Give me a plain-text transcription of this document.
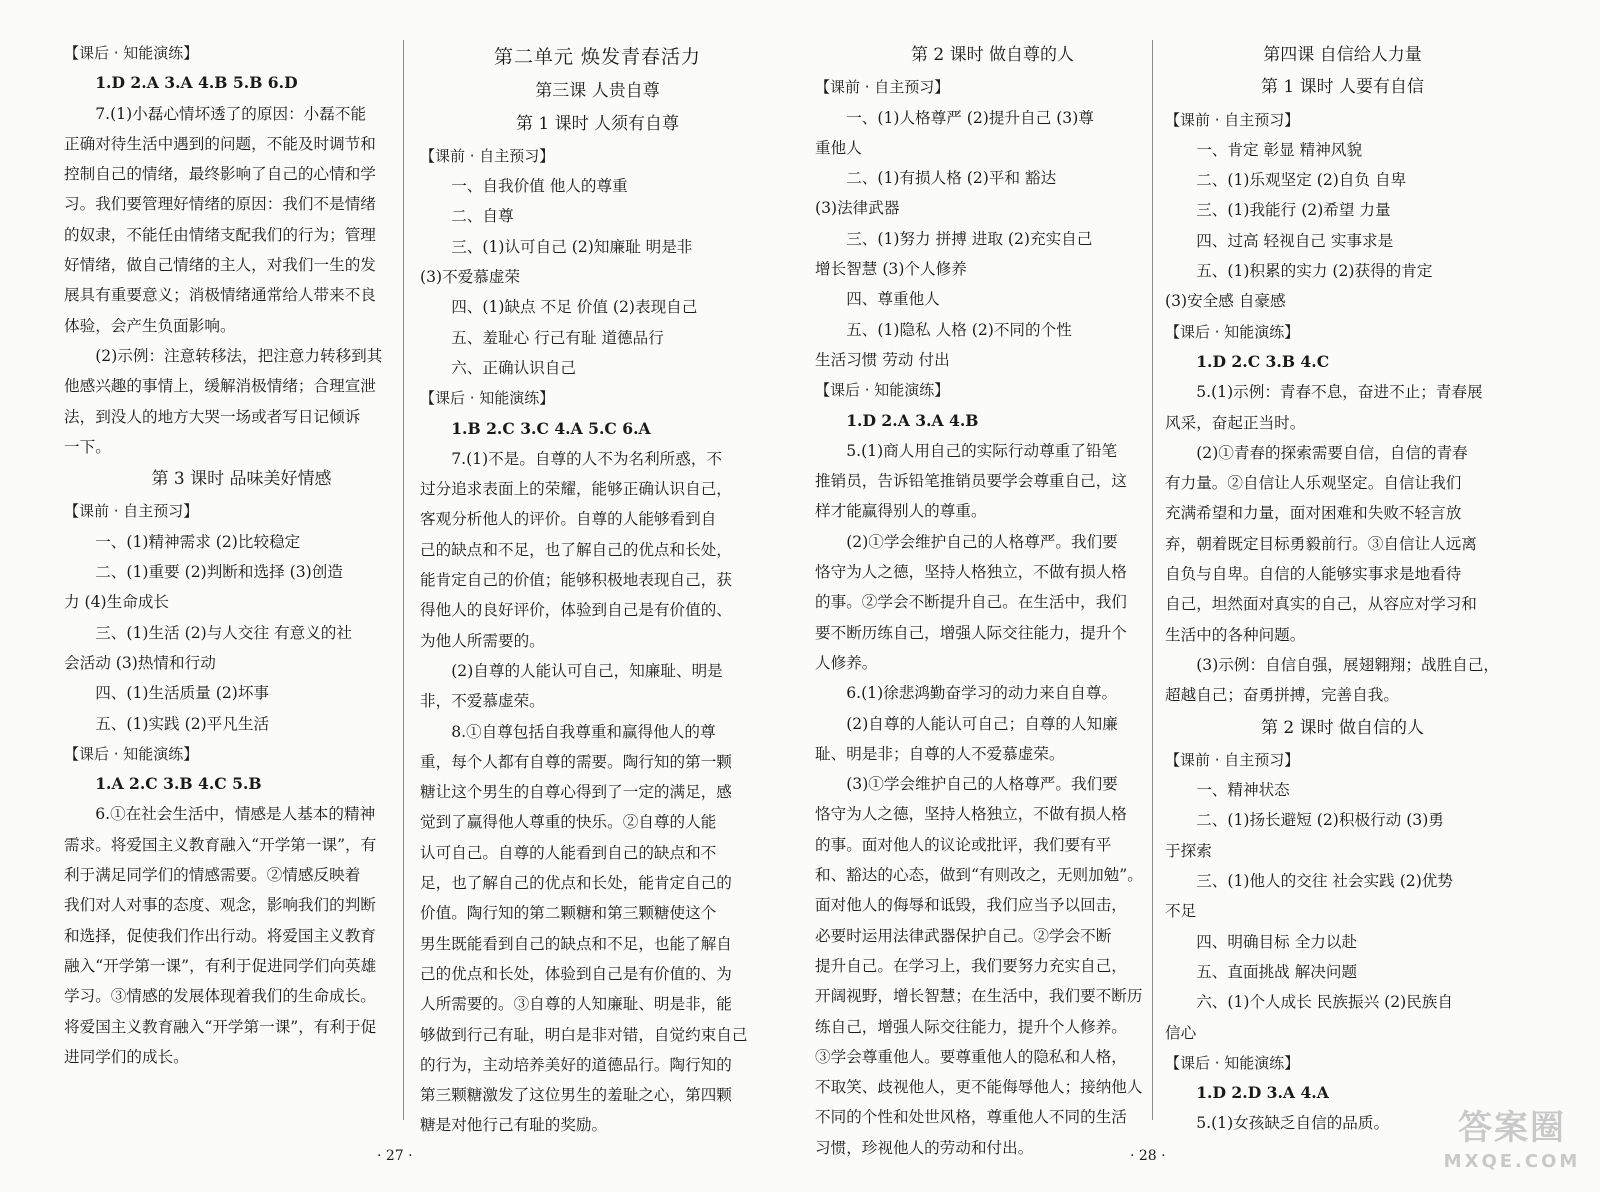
【课后 · 知能演练】
1.D 2.A 3.A 4.B 5.B 6.D
7.(1)小磊心情坏透了的原因：小磊不能
正确对待生活中遇到的问题，不能及时调节和
控制自己的情绪，最终影响了自己的心情和学
习。我们要管理好情绪的原因：我们不是情绪
的奴隶，不能任由情绪支配我们的行为；管理
好情绪，做自己情绪的主人，对我们一生的发
展具有重要意义；消极情绪通常给人带来不良
体验，会产生负面影响。
(2)示例：注意转移法，把注意力转移到其
他感兴趣的事情上，缓解消极情绪；合理宣泄
法，到没人的地方大哭一场或者写日记倾诉
一下。
第 3 课时 品味美好情感
【课前 · 自主预习】
一、(1)精神需求 (2)比较稳定
二、(1)重要 (2)判断和选择 (3)创造
力 (4)生命成长
三、(1)生活 (2)与人交往 有意义的社
会活动 (3)热情和行动
四、(1)生活质量 (2)坏事
五、(1)实践 (2)平凡生活
【课后 · 知能演练】
1.A 2.C 3.B 4.C 5.B
6.①在社会生活中，情感是人基本的精神
需求。将爱国主义教育融入“开学第一课”，有
利于满足同学们的情感需要。②情感反映着
我们对人对事的态度、观念，影响我们的判断
和选择，促使我们作出行动。将爱国主义教育
融入“开学第一课”，有利于促进同学们向英雄
学习。③情感的发展体现着我们的生命成长。
将爱国主义教育融入“开学第一课”，有利于促
进同学们的成长。
第二单元 焕发青春活力
第三课 人贵自尊
第 1 课时 人须有自尊
【课前 · 自主预习】
一、自我价值 他人的尊重
二、自尊
三、(1)认可自己 (2)知廉耻 明是非
(3)不爱慕虚荣
四、(1)缺点 不足 价值 (2)表现自己
五、羞耻心 行己有耻 道德品行
六、正确认识自己
【课后 · 知能演练】
1.B 2.C 3.C 4.A 5.C 6.A
7.(1)不是。自尊的人不为名利所惑，不
过分追求表面上的荣耀，能够正确认识自己，
客观分析他人的评价。自尊的人能够看到自
己的缺点和不足，也了解自己的优点和长处，
能肯定自己的价值；能够积极地表现自己，获
得他人的良好评价，体验到自己是有价值的、
为他人所需要的。
(2)自尊的人能认可自己，知廉耻、明是
非，不爱慕虚荣。
8.①自尊包括自我尊重和赢得他人的尊
重，每个人都有自尊的需要。陶行知的第一颗
糖让这个男生的自尊心得到了一定的满足，感
觉到了赢得他人尊重的快乐。②自尊的人能
认可自己。自尊的人能看到自己的缺点和不
足，也了解自己的优点和长处，能肯定自己的
价值。陶行知的第二颗糖和第三颗糖使这个
男生既能看到自己的缺点和不足，也能了解自
己的优点和长处，体验到自己是有价值的、为
人所需要的。③自尊的人知廉耻、明是非，能
够做到行己有耻，明白是非对错，自觉约束自己
的行为，主动培养美好的道德品行。陶行知的
第三颗糖激发了这位男生的羞耻之心，第四颗
糖是对他行己有耻的奖励。
第 2 课时 做自尊的人
【课前 · 自主预习】
一、(1)人格尊严 (2)提升自己 (3)尊
重他人
二、(1)有损人格 (2)平和 豁达
(3)法律武器
三、(1)努力 拼搏 进取 (2)充实自己
增长智慧 (3)个人修养
四、尊重他人
五、(1)隐私 人格 (2)不同的个性
生活习惯 劳动 付出
【课后 · 知能演练】
1.D 2.A 3.A 4.B
5.(1)商人用自己的实际行动尊重了铅笔
推销员，告诉铅笔推销员要学会尊重自己，这
样才能赢得别人的尊重。
(2)①学会维护自己的人格尊严。我们要
恪守为人之德，坚持人格独立，不做有损人格
的事。②学会不断提升自己。在生活中，我们
要不断历练自己，增强人际交往能力，提升个
人修养。
6.(1)徐悲鸿勤奋学习的动力来自自尊。
(2)自尊的人能认可自己；自尊的人知廉
耻、明是非；自尊的人不爱慕虚荣。
(3)①学会维护自己的人格尊严。我们要
恪守为人之德，坚持人格独立，不做有损人格
的事。面对他人的议论或批评，我们要有平
和、豁达的心态，做到“有则改之，无则加勉”。
面对他人的侮辱和诋毁，我们应当予以回击，
必要时运用法律武器保护自己。②学会不断
提升自己。在学习上，我们要努力充实自己，
开阔视野，增长智慧；在生活中，我们要不断历
练自己，增强人际交往能力，提升个人修养。
③学会尊重他人。要尊重他人的隐私和人格，
不取笑、歧视他人，更不能侮辱他人；接纳他人
不同的个性和处世风格，尊重他人不同的生活
习惯，珍视他人的劳动和付出。
第四课 自信给人力量
第 1 课时 人要有自信
【课前 · 自主预习】
一、肯定 彰显 精神风貌
二、(1)乐观坚定 (2)自负 自卑
三、(1)我能行 (2)希望 力量
四、过高 轻视自己 实事求是
五、(1)积累的实力 (2)获得的肯定
(3)安全感 自豪感
【课后 · 知能演练】
1.D 2.C 3.B 4.C
5.(1)示例：青春不息，奋进不止；青春展
风采，奋起正当时。
(2)①青春的探索需要自信，自信的青春
有力量。②自信让人乐观坚定。自信让我们
充满希望和力量，面对困难和失败不轻言放
弃，朝着既定目标勇毅前行。③自信让人远离
自负与自卑。自信的人能够实事求是地看待
自己，坦然面对真实的自己，从容应对学习和
生活中的各种问题。
(3)示例：自信自强，展翅翱翔；战胜自己，
超越自己；奋勇拼搏，完善自我。
第 2 课时 做自信的人
【课前 · 自主预习】
一、精神状态
二、(1)扬长避短 (2)积极行动 (3)勇
于探索
三、(1)他人的交往 社会实践 (2)优势
不足
四、明确目标 全力以赴
五、直面挑战 解决问题
六、(1)个人成长 民族振兴 (2)民族自
信心
【课后 · 知能演练】
1.D 2.D 3.A 4.A
5.(1)女孩缺乏自信的品质。
· 27 ·	· 28 ·
答案圈
MXQE.COM
